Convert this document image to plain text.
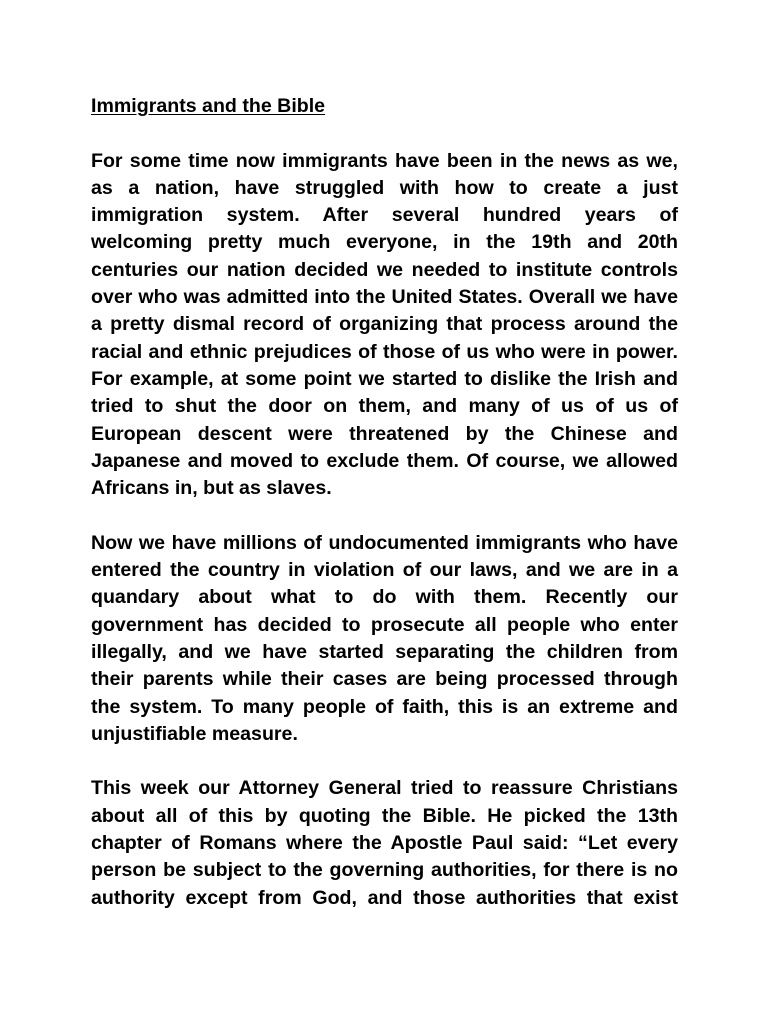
Immigrants and the Bible
For some time now immigrants have been in the news as we,
as a nation, have struggled with how to create a just
immigration system. After several hundred years of
welcoming pretty much everyone, in the 19th and 20th
centuries our nation decided we needed to institute controls
over who was admitted into the United States. Overall we have
a pretty dismal record of organizing that process around the
racial and ethnic prejudices of those of us who were in power.
For example, at some point we started to dislike the Irish and
tried to shut the door on them, and many of us of us of
European descent were threatened by the Chinese and
Japanese and moved to exclude them. Of course, we allowed
Africans in, but as slaves.
Now we have millions of undocumented immigrants who have
entered the country in violation of our laws, and we are in a
quandary about what to do with them. Recently our
government has decided to prosecute all people who enter
illegally, and we have started separating the children from
their parents while their cases are being processed through
the system. To many people of faith, this is an extreme and
unjustifiable measure.
This week our Attorney General tried to reassure Christians
about all of this by quoting the Bible. He picked the 13th
chapter of Romans where the Apostle Paul said: “Let every
person be subject to the governing authorities, for there is no
authority except from God, and those authorities that exist
